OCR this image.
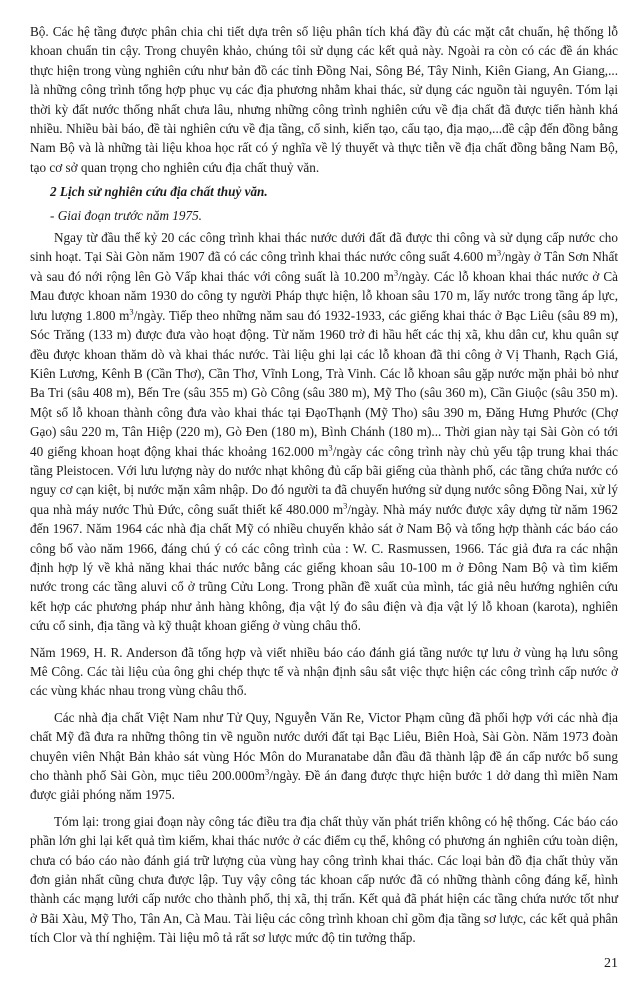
Bộ. Các hệ tầng được phân chia chi tiết dựa trên số liệu phân tích khá đầy đủ các mặt cắt chuẩn, hệ thống lỗ khoan chuẩn tin cậy. Trong chuyên khảo, chúng tôi sử dụng các kết quả này. Ngoài ra còn có các đề án khác thực hiện trong vùng nghiên cứu như bản đồ các tỉnh Đồng Nai, Sông Bé, Tây Ninh, Kiên Giang, An Giang,... là những công trình tổng hợp phục vụ các địa phương nhằm khai thác, sử dụng các nguồn tài nguyên. Tóm lại thời kỳ đất nước thống nhất chưa lâu, nhưng những công trình nghiên cứu về địa chất đã được tiến hành khá nhiều. Nhiều bài báo, đề tài nghiên cứu về địa tầng, cổ sinh, kiến tạo, cấu tạo, địa mạo,...đề cập đến đồng bằng Nam Bộ và là những tài liệu khoa học rất có ý nghĩa về lý thuyết và thực tiễn về địa chất đồng bằng Nam Bộ, tạo cơ sở quan trọng cho nghiên cứu địa chất thuỷ văn.

2 Lịch sử nghiên cứu địa chất thuỷ văn.
- Giai đoạn trước năm 1975.

Ngay từ đầu thế kỷ 20 các công trình khai thác nước dưới đất đã được thi công và sử dụng cấp nước cho sinh hoạt. Tại Sài Gòn năm 1907 đã có các công trình khai thác nước công suất 4.600 $m^3$/ngày ở Tân Sơn Nhất và sau đó nới rộng lên Gò Vấp khai thác với công suất là 10.200 $m^3$/ngày. Các lỗ khoan khai thác nước ở Cà Mau được khoan năm 1930 do công ty người Pháp thực hiện, lỗ khoan sâu 170 m, lấy nước trong tầng áp lực, lưu lượng 1.800 $m^3$/ngày. Tiếp theo những năm sau đó 1932-1933, các giếng khai thác ở Bạc Liêu (sâu 89 m), Sóc Trăng (133 m) được đưa vào hoạt động. Từ năm 1960 trở đi hầu hết các thị xã, khu dân cư, khu quân sự đều được khoan thăm dò và khai thác nước. Tài liệu ghi lại các lỗ khoan đã thi công ở Vị Thanh, Rạch Giá, Kiên Lương, Kênh B (Cần Thơ), Cần Thơ, Vĩnh Long, Trà Vinh. Các lỗ khoan sâu gặp nước mặn phải bỏ như Ba Tri (sâu 408 m), Bến Tre (sâu 355 m) Gò Công (sâu 380 m), Mỹ Tho (sâu 360 m), Cần Giuộc (sâu 350 m). Một số lỗ khoan thành công đưa vào khai thác tại ĐạoThạnh (Mỹ Tho) sâu 390 m, Đăng Hưng Phước (Chợ Gạo) sâu 220 m, Tân Hiệp (220 m), Gò Đen (180 m), Bình Chánh (180 m)... Thời gian này tại Sài Gòn có tới 40 giếng khoan hoạt động khai thác khoảng 162.000 $m^3$/ngày các công trình này chủ yếu tập trung khai thác tầng Pleistocen. Với lưu lượng này do nước nhạt không đủ cấp bãi giếng của thành phố, các tầng chứa nước có nguy cơ cạn kiệt, bị nước mặn xâm nhập. Do đó người ta đã chuyển hướng sử dụng nước sông Đồng Nai, xử lý qua nhà máy nước Thủ Đức, công suất thiết kế 480.000 $m^3$/ngày. Nhà máy nước được xây dựng từ năm 1962 đến 1967. Năm 1964 các nhà địa chất Mỹ có nhiều chuyến khảo sát ở Nam Bộ và tổng hợp thành các báo cáo công bố vào năm 1966, đáng chú ý có các công trình của : W. C. Rasmussen, 1966. Tác giả đưa ra các nhận định hợp lý về khả năng khai thác nước bằng các giếng khoan sâu 10-100 m ở Đông Nam Bộ và tìm kiếm nước trong các tầng aluvi cổ ở trũng Cửu Long. Trong phần đề xuất của mình, tác giả nêu hướng nghiên cứu kết hợp các phương pháp như ảnh hàng không, địa vật lý đo sâu điện và địa vật lý lỗ khoan (karota), nghiên cứu cổ sinh, địa tầng và kỹ thuật khoan giếng ở vùng châu thổ.

Năm 1969, H. R. Anderson đã tổng hợp và viết nhiều báo cáo đánh giá tầng nước tự lưu ở vùng hạ lưu sông Mê Công. Các tài liệu của ông ghi chép thực tế và nhận định sâu sắt việc thực hiện các công trình cấp nước ở các vùng khác nhau trong vùng châu thổ.

Các nhà địa chất Việt Nam như Tử Quy, Nguyễn Văn Re, Victor Phạm cũng đã phối hợp với các nhà địa chất Mỹ đã đưa ra những thông tin về nguồn nước dưới đất tại Bạc Liêu, Biên Hoà, Sài Gòn. Năm 1973 đoàn chuyên viên Nhật Bản khảo sát vùng Hóc Môn do Muranatabe dẫn đầu đã thành lập đề án cấp nước bổ sung cho thành phố Sài Gòn, mục tiêu $200.000m^3$/ngày. Đề án đang được thực hiện bước 1 dở dang thì miền Nam được giải phóng năm 1975.

Tóm lại: trong giai đoạn này công tác điều tra địa chất thủy văn phát triển không có hệ thống. Các báo cáo phần lớn ghi lại kết quả tìm kiếm, khai thác nước ở các điểm cụ thể, không có phương án nghiên cứu toàn diện, chưa có báo cáo nào đánh giá trữ lượng của vùng hay công trình khai thác. Các loại bản đồ địa chất thủy văn đơn giản nhất cũng chưa được lập. Tuy vậy công tác khoan cấp nước đã có những thành công đáng kể, hình thành các mạng lưới cấp nước cho thành phố, thị xã, thị trấn. Kết quả đã phát hiện các tầng chứa nước tốt như ở Bãi Xàu, Mỹ Tho, Tân An, Cà Mau. Tài liệu các công trình khoan chỉ gồm địa tầng sơ lược, các kết quả phân tích Clor và thí nghiệm. Tài liệu mô tả rất sơ lược mức độ tin tưởng thấp.

21
